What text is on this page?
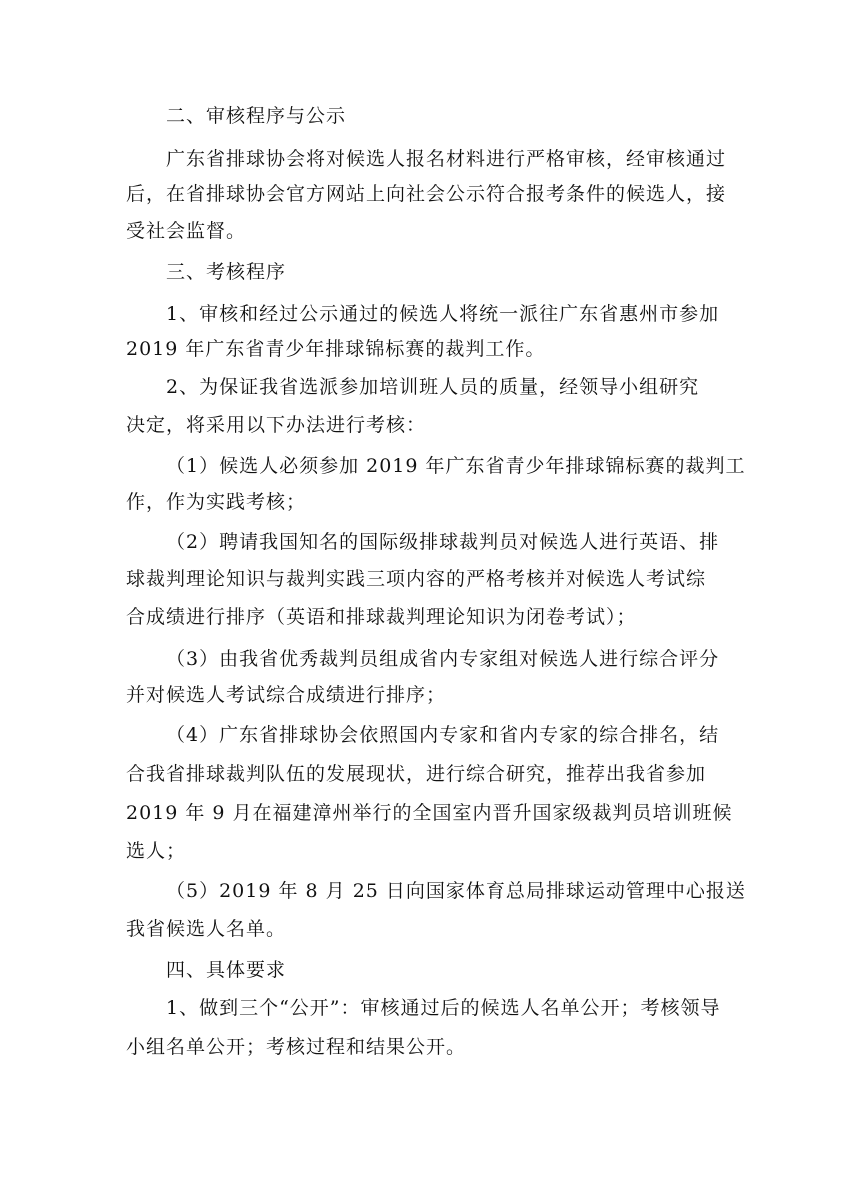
二、审核程序与公示
广东省排球协会将对候选人报名材料进行严格审核，经审核通过
后，在省排球协会官方网站上向社会公示符合报考条件的候选人，接
受社会监督。
三、考核程序
1、审核和经过公示通过的候选人将统一派往广东省惠州市参加
2019 年广东省青少年排球锦标赛的裁判工作。
2、为保证我省选派参加培训班人员的质量，经领导小组研究
决定，将采用以下办法进行考核：
（1）候选人必须参加 2019 年广东省青少年排球锦标赛的裁判工
作，作为实践考核；
（2）聘请我国知名的国际级排球裁判员对候选人进行英语、排
球裁判理论知识与裁判实践三项内容的严格考核并对候选人考试综
合成绩进行排序（英语和排球裁判理论知识为闭卷考试）；
（3）由我省优秀裁判员组成省内专家组对候选人进行综合评分
并对候选人考试综合成绩进行排序；
（4）广东省排球协会依照国内专家和省内专家的综合排名，结
合我省排球裁判队伍的发展现状，进行综合研究，推荐出我省参加
2019 年 9 月在福建漳州举行的全国室内晋升国家级裁判员培训班候
选人；
（5）2019 年 8 月 25 日向国家体育总局排球运动管理中心报送
我省候选人名单。
四、具体要求
1、做到三个“公开”：审核通过后的候选人名单公开；考核领导
小组名单公开；考核过程和结果公开。
